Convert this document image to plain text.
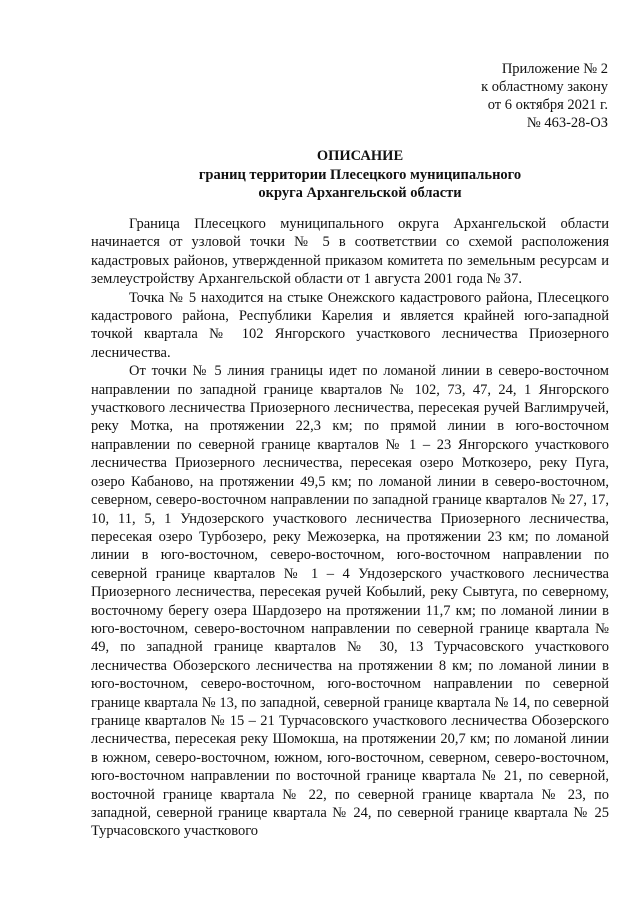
Приложение № 2
к областному закону
от 6 октября 2021 г.
№ 463-28-ОЗ
ОПИСАНИЕ
границ территории Плесецкого муниципального
округа Архангельской области

Граница Плесецкого муниципального округа Архангельской области начинается от узловой точки № 5 в соответствии со схемой расположения кадастровых районов, утвержденной приказом комитета по земельным ресурсам и землеустройству Архангельской области от 1 августа 2001 года № 37.

Точка № 5 находится на стыке Онежского кадастрового района, Плесецкого кадастрового района, Республики Карелия и является крайней юго-западной точкой квартала № 102 Янгорского участкового лесничества Приозерного лесничества.

От точки № 5 линия границы идет по ломаной линии в северо-восточном направлении по западной границе кварталов № 102, 73, 47, 24, 1 Янгорского участкового лесничества Приозерного лесничества, пересекая ручей Ваглимручей, реку Мотка, на протяжении 22,3 км; по прямой линии в юго-восточном направлении по северной границе кварталов № 1 – 23 Янгорского участкового лесничества Приозерного лесничества, пересекая озеро Моткозеро, реку Пуга, озеро Кабаново, на протяжении 49,5 км; по ломаной линии в северо-восточном, северном, северо-восточном направлении по западной границе кварталов № 27, 17, 10, 11, 5, 1 Ундозерского участкового лесничества Приозерного лесничества, пересекая озеро Турбозеро, реку Межозерка, на протяжении 23 км; по ломаной линии в юго-восточном, северо-восточном, юго-восточном направлении по северной границе кварталов № 1 – 4 Ундозерского участкового лесничества Приозерного лесничества, пересекая ручей Кобылий, реку Сывтуга, по северному, восточному берегу озера Шардозеро на протяжении 11,7 км; по ломаной линии в юго-восточном, северо-восточном направлении по северной границе квартала № 49, по западной границе кварталов № 30, 13 Турчасовского участкового лесничества Обозерского лесничества на протяжении 8 км; по ломаной линии в юго-восточном, северо-восточном, юго-восточном направлении по северной границе квартала № 13, по западной, северной границе квартала № 14, по северной границе кварталов № 15 – 21 Турчасовского участкового лесничества Обозерского лесничества, пересекая реку Шомокша, на протяжении 20,7 км; по ломаной линии в южном, северо-восточном, южном, юго-восточном, северном, северо-восточном, юго-восточном направлении по восточной границе квартала № 21, по северной, восточной границе квартала № 22, по северной границе квартала № 23, по западной, северной границе квартала № 24, по северной границе квартала № 25 Турчасовского участкового
